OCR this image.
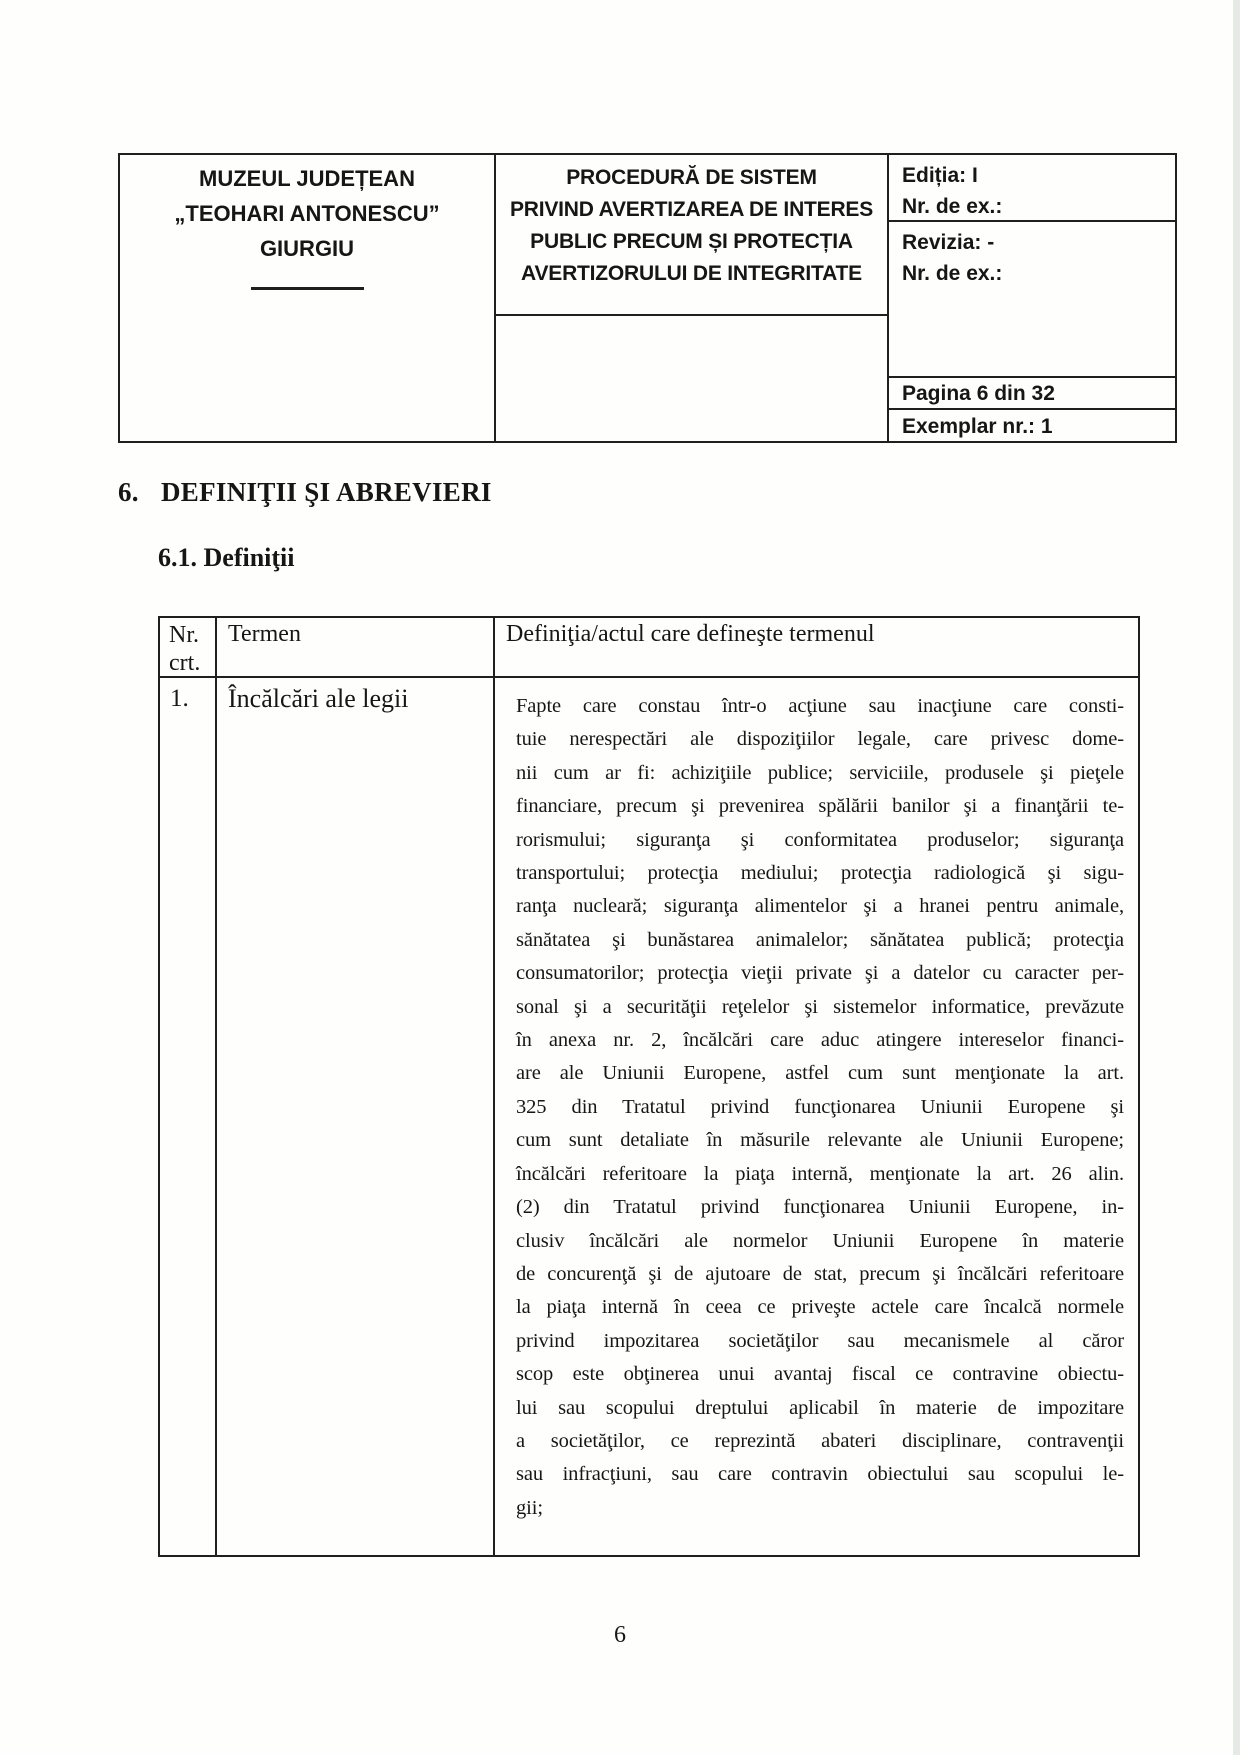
MUZEUL JUDEȚEAN
„TEOHARI ANTONESCU”
GIURGIU
PROCEDURĂ DE SISTEM
PRIVIND AVERTIZAREA DE INTERES
PUBLIC PRECUM ȘI PROTECȚIA
AVERTIZORULUI DE INTEGRITATE
Ediția: I
Nr. de ex.:
Revizia: -
Nr. de ex.:
Pagina 6 din 32
Exemplar nr.: 1
6. DEFINIŢII ŞI ABREVIERI
6.1. Definiţii
Nr.
crt.
Termen	Definiţia/actul care defineşte termenul
1.	Încălcări ale legii	Fapte care constau într-o acţiune sau inacţiune care consti-
tuie nerespectări ale dispoziţiilor legale, care privesc dome-
nii cum ar fi: achiziţiile publice; serviciile, produsele şi pieţele
financiare, precum şi prevenirea spălării banilor şi a finanţării te-
rorismului; siguranţa şi conformitatea produselor; siguranţa
transportului; protecţia mediului; protecţia radiologică şi sigu-
ranţa nucleară; siguranţa alimentelor şi a hranei pentru animale,
sănătatea şi bunăstarea animalelor; sănătatea publică; protecţia
consumatorilor; protecţia vieţii private şi a datelor cu caracter per-
sonal şi a securităţii reţelelor şi sistemelor informatice, prevăzute
în anexa nr. 2, încălcări care aduc atingere intereselor financi-
are ale Uniunii Europene, astfel cum sunt menţionate la art.
325 din Tratatul privind funcţionarea Uniunii Europene şi
cum sunt detaliate în măsurile relevante ale Uniunii Europene;
încălcări referitoare la piaţa internă, menţionate la art. 26 alin.
(2) din Tratatul privind funcţionarea Uniunii Europene, in-
clusiv încălcări ale normelor Uniunii Europene în materie
de concurenţă şi de ajutoare de stat, precum şi încălcări referitoare
la piaţa internă în ceea ce priveşte actele care încalcă normele
privind impozitarea societăţilor sau mecanismele al căror
scop este obţinerea unui avantaj fiscal ce contravine obiectu-
lui sau scopului dreptului aplicabil în materie de impozitare
a societăţilor, ce reprezintă abateri disciplinare, contravenţii
sau infracţiuni, sau care contravin obiectului sau scopului le-
gii;
6
